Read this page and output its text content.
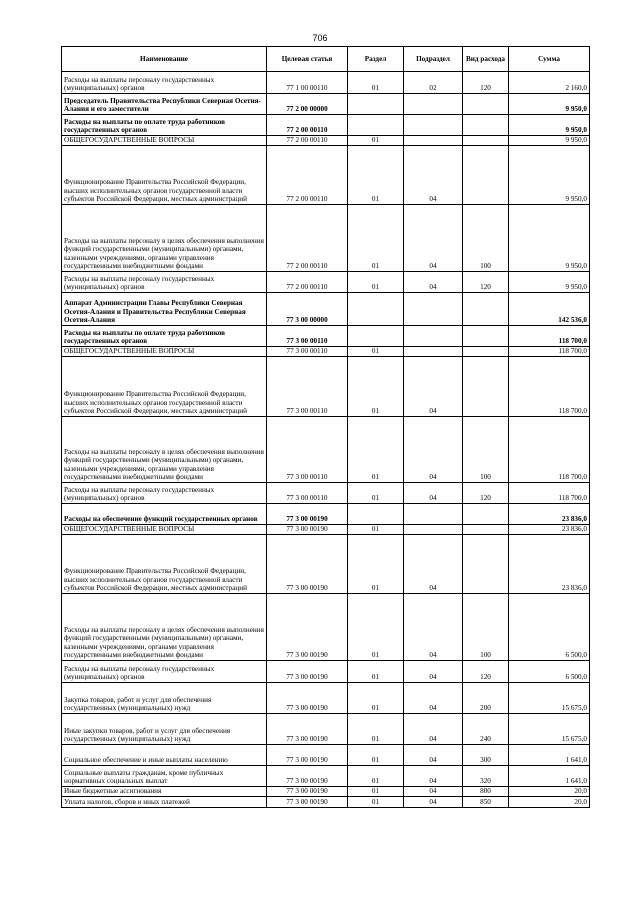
706
Наименование	Целевая статья	Раздел	Подраздел	Вид расхода	Сумма
Расходы на выплаты персоналу государственных (муниципальных) органов	77 1 00 00110	01	02	120	2 160,0
Председатель Правительства Республики Северная Осетия-Алания и его заместители	77 2 00 00000				9 950,0
Расходы на выплаты по оплате труда работников государственных органов	77 2 00 00110				9 950,0
ОБЩЕГОСУДАРСТВЕННЫЕ ВОПРОСЫ	77 2 00 00110	01			9 950,0
Функционирование Правительства Российской Федерации, высших исполнительных органов государственной власти субъектов Российской Федерации, местных администраций	77 2 00 00110	01	04		9 950,0
Расходы на выплаты персоналу в целях обеспечения выполнения функций государственными (муниципальными) органами, казенными учреждениями, органами управления государственными внебюджетными фондами	77 2 00 00110	01	04	100	9 950,0
Расходы на выплаты персоналу государственных (муниципальных) органов	77 2 00 00110	01	04	120	9 950,0
Аппарат Администрации Главы Республики Северная Осетия-Алания и Правительства Республики Северная Осетия-Алания	77 3 00 00000				142 536,0
Расходы на выплаты по оплате труда работников государственных органов	77 3 00 00110				118 700,0
ОБЩЕГОСУДАРСТВЕННЫЕ ВОПРОСЫ	77 3 00 00110	01			118 700,0
Функционирование Правительства Российской Федерации, высших исполнительных органов государственной власти субъектов Российской Федерации, местных администраций	77 3 00 00110	01	04		118 700,0
Расходы на выплаты персоналу в целях обеспечения выполнения функций государственными (муниципальными) органами, казенными учреждениями, органами управления государственными внебюджетными фондами	77 3 00 00110	01	04	100	118 700,0
Расходы на выплаты персоналу государственных (муниципальных) органов	77 3 00 00110	01	04	120	118 700,0
Расходы на обеспечение функций государственных органов	77 3 00 00190				23 836,0
ОБЩЕГОСУДАРСТВЕННЫЕ ВОПРОСЫ	77 3 00 00190	01			23 836,0
Функционирование Правительства Российской Федерации, высших исполнительных органов государственной власти субъектов Российской Федерации, местных администраций	77 3 00 00190	01	04		23 836,0
Расходы на выплаты персоналу в целях обеспечения выполнения функций государственными (муниципальными) органами, казенными учреждениями, органами управления государственными внебюджетными фондами	77 3 00 00190	01	04	100	6 500,0
Расходы на выплаты персоналу государственных (муниципальных) органов	77 3 00 00190	01	04	120	6 500,0
Закупка товаров, работ и услуг для обеспечения государственных (муниципальных) нужд	77 3 00 00190	01	04	200	15 675,0
Иные закупки товаров, работ и услуг для обеспечения государственных (муниципальных) нужд	77 3 00 00190	01	04	240	15 675,0
Социальное обеспечение и иные выплаты населению	77 3 00 00190	01	04	300	1 641,0
Социальные выплаты гражданам, кроме публичных нормативных социальных выплат	77 3 00 00190	01	04	320	1 641,0
Иные бюджетные ассигнования	77 3 00 00190	01	04	800	20,0
Уплата налогов, сборов и иных платежей	77 3 00 00190	01	04	850	20,0
